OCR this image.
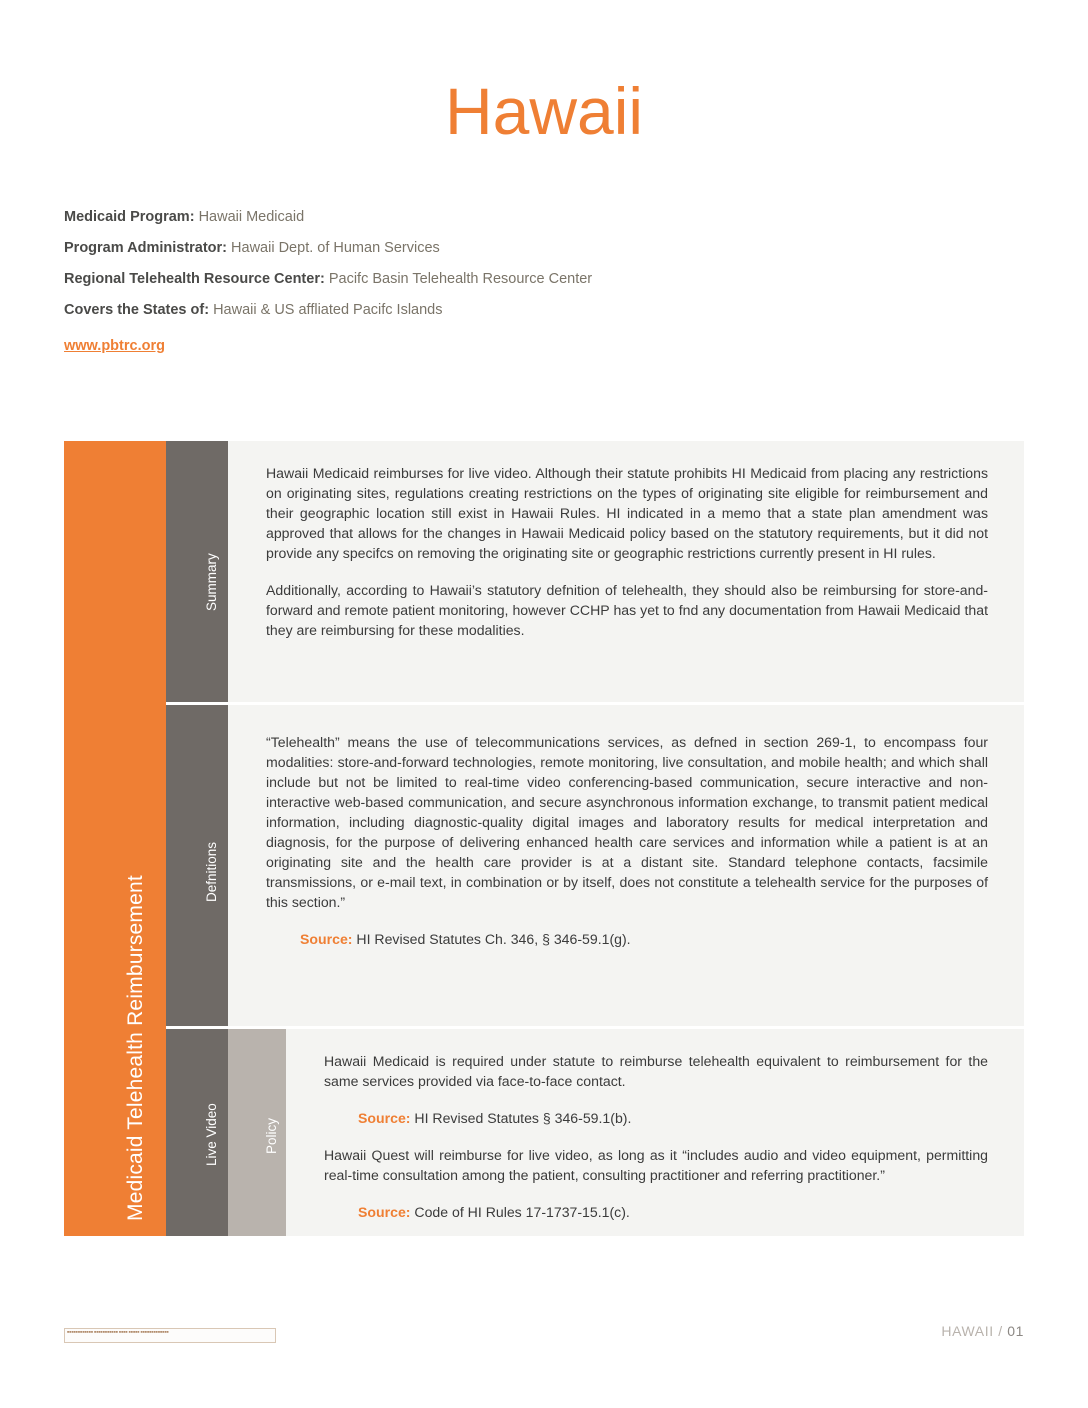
Hawaii
Medicaid Program: Hawaii Medicaid
Program Administrator: Hawaii Dept. of Human Services
Regional Telehealth Resource Center: Pacifc Basin Telehealth Resource Center
Covers the States of: Hawaii & US affliated Pacifc Islands
www.pbtrc.org
Medicaid Telehealth Reimbursement
Summary

Hawaii Medicaid reimburses for live video. Although their statute prohibits HI Medicaid from placing any restrictions on originating sites, regulations creating restrictions on the types of originating site eligible for reimbursement and their geographic location still exist in Hawaii Rules. HI indicated in a memo that a state plan amendment was approved that allows for the changes in Hawaii Medicaid policy based on the statutory requirements, but it did not provide any specifcs on removing the originating site or geographic restrictions currently present in HI rules.

Additionally, according to Hawaii’s statutory defnition of telehealth, they should also be reimbursing for store-and-forward and remote patient monitoring, however CCHP has yet to fnd any documentation from Hawaii Medicaid that they are reimbursing for these modalities.

Defnitions

“Telehealth” means the use of telecommunications services, as defned in section 269-1, to encompass four modalities: store-and-forward technologies, remote monitoring, live consultation, and mobile health; and which shall include but not be limited to real-time video conferencing-based communication, secure interactive and non-interactive web-based communication, and secure asynchronous information exchange, to transmit patient medical information, including diagnostic-quality digital images and laboratory results for medical interpretation and diagnosis, for the purpose of delivering enhanced health care services and information while a patient is at an originating site and the health care provider is at a distant site. Standard telephone contacts, facsimile transmissions, or e-mail text, in combination or by itself, does not constitute a telehealth service for the purposes of this section.”

Source: HI Revised Statutes Ch. 346, § 346-59.1(g).

Live Video	Policy

Hawaii Medicaid is required under statute to reimburse telehealth equivalent to reimbursement for the same services provided via face-to-face contact.

Source: HI Revised Statutes § 346-59.1(b).

Hawaii Quest will reimburse for live video, as long as it “includes audio and video equipment, permitting real-time consultation among the patient, consulting practitioner and referring practitioner.”

Source: Code of HI Rules 17-1737-15.1(c).

■■■■■■■■■■■■ ■■■■■■■■■■■ ■■■■ ■■■■■ ■■■■■■■■■■■■■	HAWAII / 01
